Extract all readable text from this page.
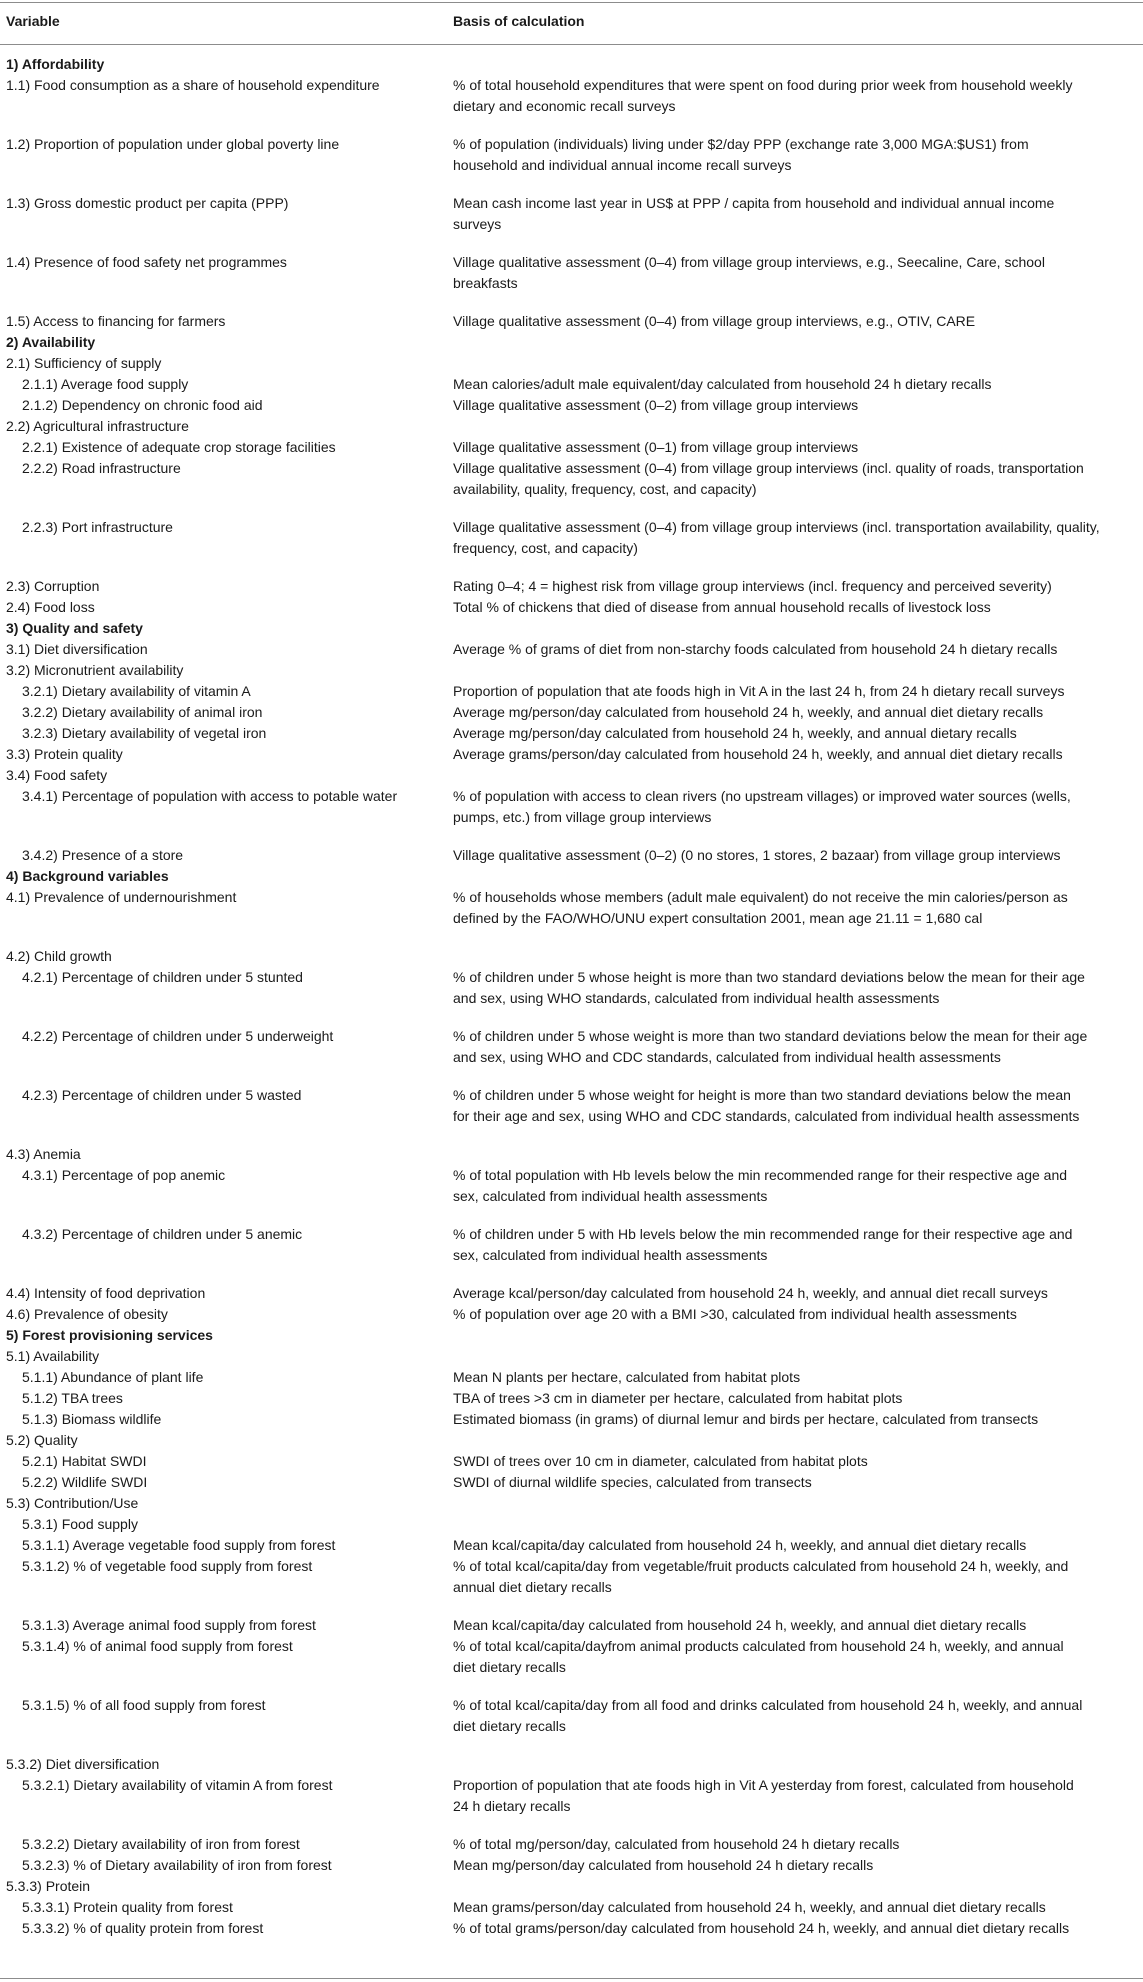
Variable	Basis of calculation
1) Affordability
1.1) Food consumption as a share of household expenditure	% of total household expenditures that were spent on food during prior week from household weekly
dietary and economic recall surveys
1.2) Proportion of population under global poverty line	% of population (individuals) living under $2/day PPP (exchange rate 3,000 MGA:$US1) from
household and individual annual income recall surveys
1.3) Gross domestic product per capita (PPP)	Mean cash income last year in US$ at PPP / capita from household and individual annual income
surveys
1.4) Presence of food safety net programmes	Village qualitative assessment (0–4) from village group interviews, e.g., Seecaline, Care, school
breakfasts
1.5) Access to financing for farmers	Village qualitative assessment (0–4) from village group interviews, e.g., OTIV, CARE
2) Availability
2.1) Sufficiency of supply
2.1.1) Average food supply	Mean calories/adult male equivalent/day calculated from household 24 h dietary recalls
2.1.2) Dependency on chronic food aid	Village qualitative assessment (0–2) from village group interviews
2.2) Agricultural infrastructure
2.2.1) Existence of adequate crop storage facilities	Village qualitative assessment (0–1) from village group interviews
2.2.2) Road infrastructure	Village qualitative assessment (0–4) from village group interviews (incl. quality of roads, transportation
availability, quality, frequency, cost, and capacity)
2.2.3) Port infrastructure	Village qualitative assessment (0–4) from village group interviews (incl. transportation availability, quality,
frequency, cost, and capacity)
2.3) Corruption	Rating 0–4; 4 = highest risk from village group interviews (incl. frequency and perceived severity)
2.4) Food loss	Total % of chickens that died of disease from annual household recalls of livestock loss
3) Quality and safety
3.1) Diet diversification	Average % of grams of diet from non-starchy foods calculated from household 24 h dietary recalls
3.2) Micronutrient availability
3.2.1) Dietary availability of vitamin A	Proportion of population that ate foods high in Vit A in the last 24 h, from 24 h dietary recall surveys
3.2.2) Dietary availability of animal iron	Average mg/person/day calculated from household 24 h, weekly, and annual diet dietary recalls
3.2.3) Dietary availability of vegetal iron	Average mg/person/day calculated from household 24 h, weekly, and annual dietary recalls
3.3) Protein quality	Average grams/person/day calculated from household 24 h, weekly, and annual diet dietary recalls
3.4) Food safety
3.4.1) Percentage of population with access to potable water	% of population with access to clean rivers (no upstream villages) or improved water sources (wells,
pumps, etc.) from village group interviews
3.4.2) Presence of a store	Village qualitative assessment (0–2) (0 no stores, 1 stores, 2 bazaar) from village group interviews
4) Background variables
4.1) Prevalence of undernourishment	% of households whose members (adult male equivalent) do not receive the min calories/person as
defined by the FAO/WHO/UNU expert consultation 2001, mean age 21.11 = 1,680 cal
4.2) Child growth
4.2.1) Percentage of children under 5 stunted	% of children under 5 whose height is more than two standard deviations below the mean for their age
and sex, using WHO standards, calculated from individual health assessments
4.2.2) Percentage of children under 5 underweight	% of children under 5 whose weight is more than two standard deviations below the mean for their age
and sex, using WHO and CDC standards, calculated from individual health assessments
4.2.3) Percentage of children under 5 wasted	% of children under 5 whose weight for height is more than two standard deviations below the mean
for their age and sex, using WHO and CDC standards, calculated from individual health assessments
4.3) Anemia
4.3.1) Percentage of pop anemic	% of total population with Hb levels below the min recommended range for their respective age and
sex, calculated from individual health assessments
4.3.2) Percentage of children under 5 anemic	% of children under 5 with Hb levels below the min recommended range for their respective age and
sex, calculated from individual health assessments
4.4) Intensity of food deprivation	Average kcal/person/day calculated from household 24 h, weekly, and annual diet recall surveys
4.6) Prevalence of obesity	% of population over age 20 with a BMI >30, calculated from individual health assessments
5) Forest provisioning services
5.1) Availability
5.1.1) Abundance of plant life	Mean N plants per hectare, calculated from habitat plots
5.1.2) TBA trees	TBA of trees >3 cm in diameter per hectare, calculated from habitat plots
5.1.3) Biomass wildlife	Estimated biomass (in grams) of diurnal lemur and birds per hectare, calculated from transects
5.2) Quality
5.2.1) Habitat SWDI	SWDI of trees over 10 cm in diameter, calculated from habitat plots
5.2.2) Wildlife SWDI	SWDI of diurnal wildlife species, calculated from transects
5.3) Contribution/Use
5.3.1) Food supply
5.3.1.1) Average vegetable food supply from forest	Mean kcal/capita/day calculated from household 24 h, weekly, and annual diet dietary recalls
5.3.1.2) % of vegetable food supply from forest	% of total kcal/capita/day from vegetable/fruit products calculated from household 24 h, weekly, and
annual diet dietary recalls
5.3.1.3) Average animal food supply from forest	Mean kcal/capita/day calculated from household 24 h, weekly, and annual diet dietary recalls
5.3.1.4) % of animal food supply from forest	% of total kcal/capita/dayfrom animal products calculated from household 24 h, weekly, and annual
diet dietary recalls
5.3.1.5) % of all food supply from forest	% of total kcal/capita/day from all food and drinks calculated from household 24 h, weekly, and annual
diet dietary recalls
5.3.2) Diet diversification
5.3.2.1) Dietary availability of vitamin A from forest	Proportion of population that ate foods high in Vit A yesterday from forest, calculated from household
24 h dietary recalls
5.3.2.2) Dietary availability of iron from forest	% of total mg/person/day, calculated from household 24 h dietary recalls
5.3.2.3) % of Dietary availability of iron from forest	Mean mg/person/day calculated from household 24 h dietary recalls
5.3.3) Protein
5.3.3.1) Protein quality from forest	Mean grams/person/day calculated from household 24 h, weekly, and annual diet dietary recalls
5.3.3.2) % of quality protein from forest	% of total grams/person/day calculated from household 24 h, weekly, and annual diet dietary recalls
